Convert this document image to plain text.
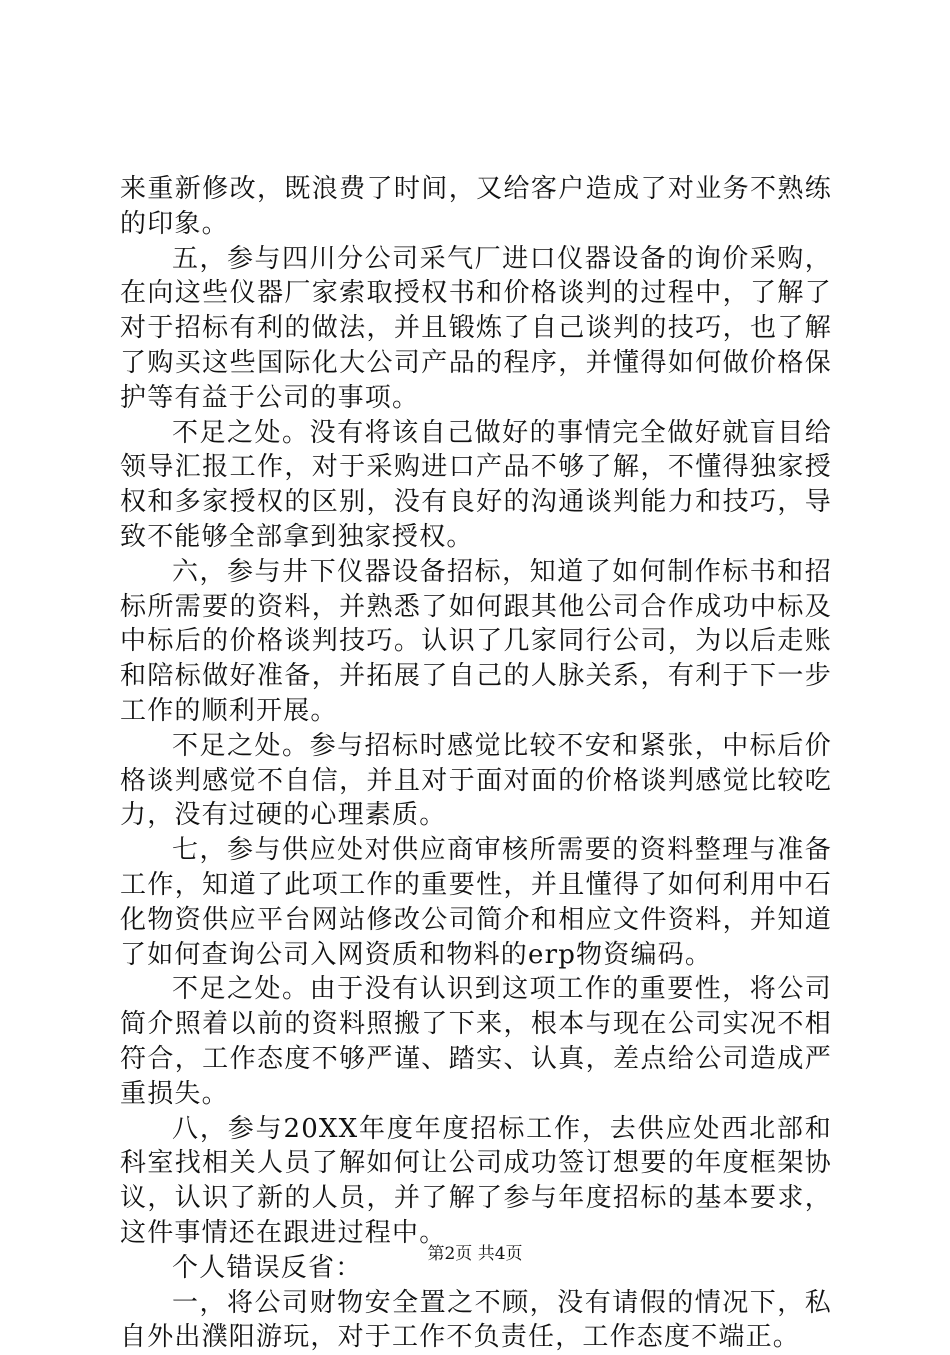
来重新修改，既浪费了时间，又给客户造成了对业务不熟练的印象。

五，参与四川分公司采气厂进口仪器设备的询价采购，在向这些仪器厂家索取授权书和价格谈判的过程中，了解了对于招标有利的做法，并且锻炼了自己谈判的技巧，也了解了购买这些国际化大公司产品的程序，并懂得如何做价格保护等有益于公司的事项。

不足之处。没有将该自己做好的事情完全做好就盲目给领导汇报工作，对于采购进口产品不够了解，不懂得独家授权和多家授权的区别，没有良好的沟通谈判能力和技巧，导致不能够全部拿到独家授权。

六，参与井下仪器设备招标，知道了如何制作标书和招标所需要的资料，并熟悉了如何跟其他公司合作成功中标及中标后的价格谈判技巧。认识了几家同行公司，为以后走账和陪标做好准备，并拓展了自己的人脉关系，有利于下一步工作的顺利开展。

不足之处。参与招标时感觉比较不安和紧张，中标后价格谈判感觉不自信，并且对于面对面的价格谈判感觉比较吃力，没有过硬的心理素质。

七，参与供应处对供应商审核所需要的资料整理与准备工作，知道了此项工作的重要性，并且懂得了如何利用中石化物资供应平台网站修改公司简介和相应文件资料，并知道了如何查询公司入网资质和物料的erp物资编码。

不足之处。由于没有认识到这项工作的重要性，将公司简介照着以前的资料照搬了下来，根本与现在公司实况不相符合，工作态度不够严谨、踏实、认真，差点给公司造成严重损失。

八，参与20XX年度年度招标工作，去供应处西北部和科室找相关人员了解如何让公司成功签订想要的年度框架协议，认识了新的人员，并了解了参与年度招标的基本要求，这件事情还在跟进过程中。

个人错误反省：

一，将公司财物安全置之不顾，没有请假的情况下，私自外出濮阳游玩，对于工作不负责任，工作态度不端正。

第2页 共4页
